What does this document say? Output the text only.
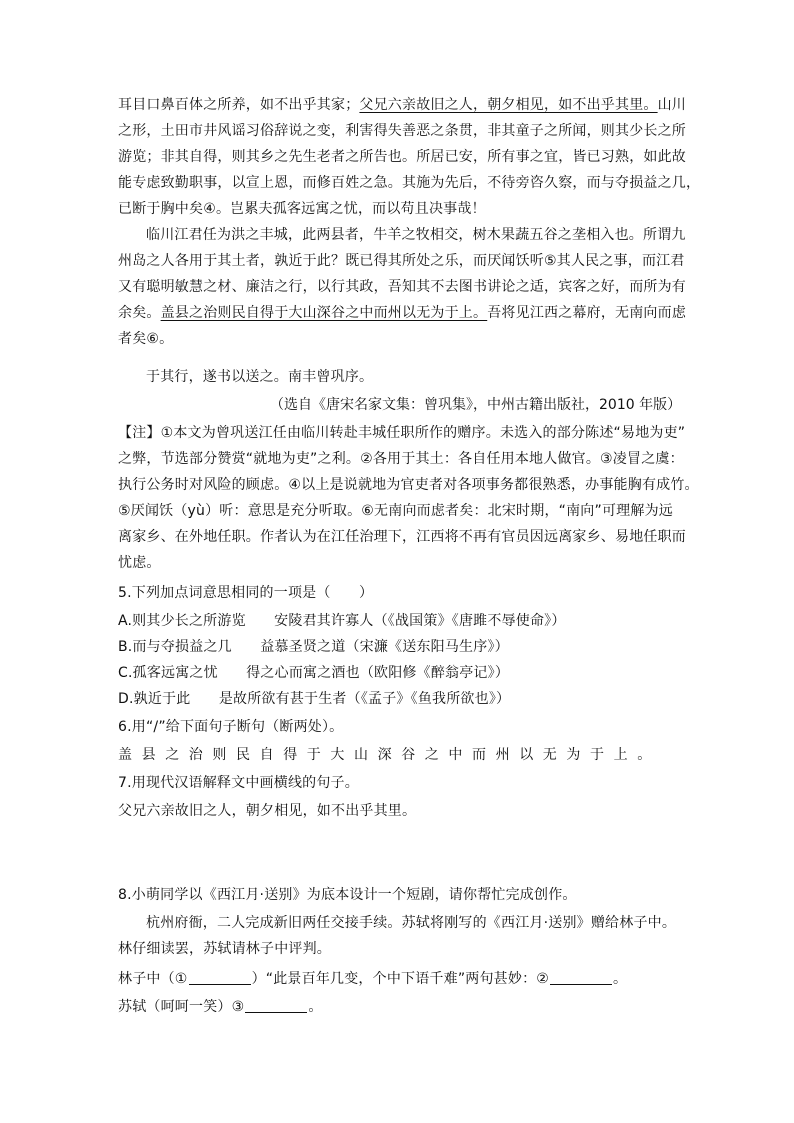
耳目口鼻百体之所养，如不出乎其家；父兄六亲故旧之人，朝夕相见，如不出乎其里。山川
之形，土田市井风谣习俗辞说之变，利害得失善恶之条贯，非其童子之所闻，则其少长之所
游览；非其自得，则其乡之先生老者之所告也。所居已安，所有事之宜，皆已习熟，如此故
能专虑致勤职事，以宣上恩，而修百姓之急。其施为先后，不待旁咨久察，而与夺损益之几，
已断于胸中矣④。岂累夫孤客远寓之忧，而以苟且决事哉！
临川江君任为洪之丰城，此两县者，牛羊之牧相交，树木果蔬五谷之垄相入也。所谓九
州岛之人各用于其土者，孰近于此？既已得其所处之乐，而厌闻饫听⑤其人民之事，而江君
又有聪明敏慧之材、廉洁之行，以行其政，吾知其不去图书讲论之适，宾客之好，而所为有
余矣。盖县之治则民自得于大山深谷之中而州以无为于上。吾将见江西之幕府，无南向而虑
者矣⑥。
于其行，遂书以送之。南丰曾巩序。
（选自《唐宋名家文集：曾巩集》，中州古籍出版社，2010 年版）
【注】①本文为曾巩送江任由临川转赴丰城任职所作的赠序。未选入的部分陈述“易地为吏”
之弊，节选部分赞赏“就地为吏”之利。②各用于其土：各自任用本地人做官。③凌冒之虞：
执行公务时对风险的顾虑。④以上是说就地为官吏者对各项事务都很熟悉，办事能胸有成竹。
⑤厌闻饫（yù）听：意思是充分听取。⑥无南向而虑者矣：北宋时期，“南向”可理解为远
离家乡、在外地任职。作者认为在江任治理下，江西将不再有官员因远离家乡、易地任职而
忧虑。
5.下列加点词意思相同的一项是（　　）
A.则其少长之所游览　　安陵君其许寡人（《战国策》《唐雎不辱使命》）
B.而与夺损益之几　　益慕圣贤之道（宋濂《送东阳马生序》）
C.孤客远寓之忧　　得之心而寓之酒也（欧阳修《醉翁亭记》）
D.孰近于此　　是故所欲有甚于生者（《孟子》《鱼我所欲也》）
6.用“/”给下面句子断句（断两处）。
盖县之治则民自得于大山深谷之中而州以无为于上。
7.用现代汉语解释文中画横线的句子。
父兄六亲故旧之人，朝夕相见，如不出乎其里。
8.小萌同学以《西江月·送别》为底本设计一个短剧，请你帮忙完成创作。
杭州府衙，二人完成新旧两任交接手续。苏轼将刚写的《西江月·送别》赠给林子中。
林仔细读罢，苏轼请林子中评判。
林子中（①	）“此景百年几变，个中下语千难”两句甚妙：②	。
苏轼（呵呵一笑）③	。
